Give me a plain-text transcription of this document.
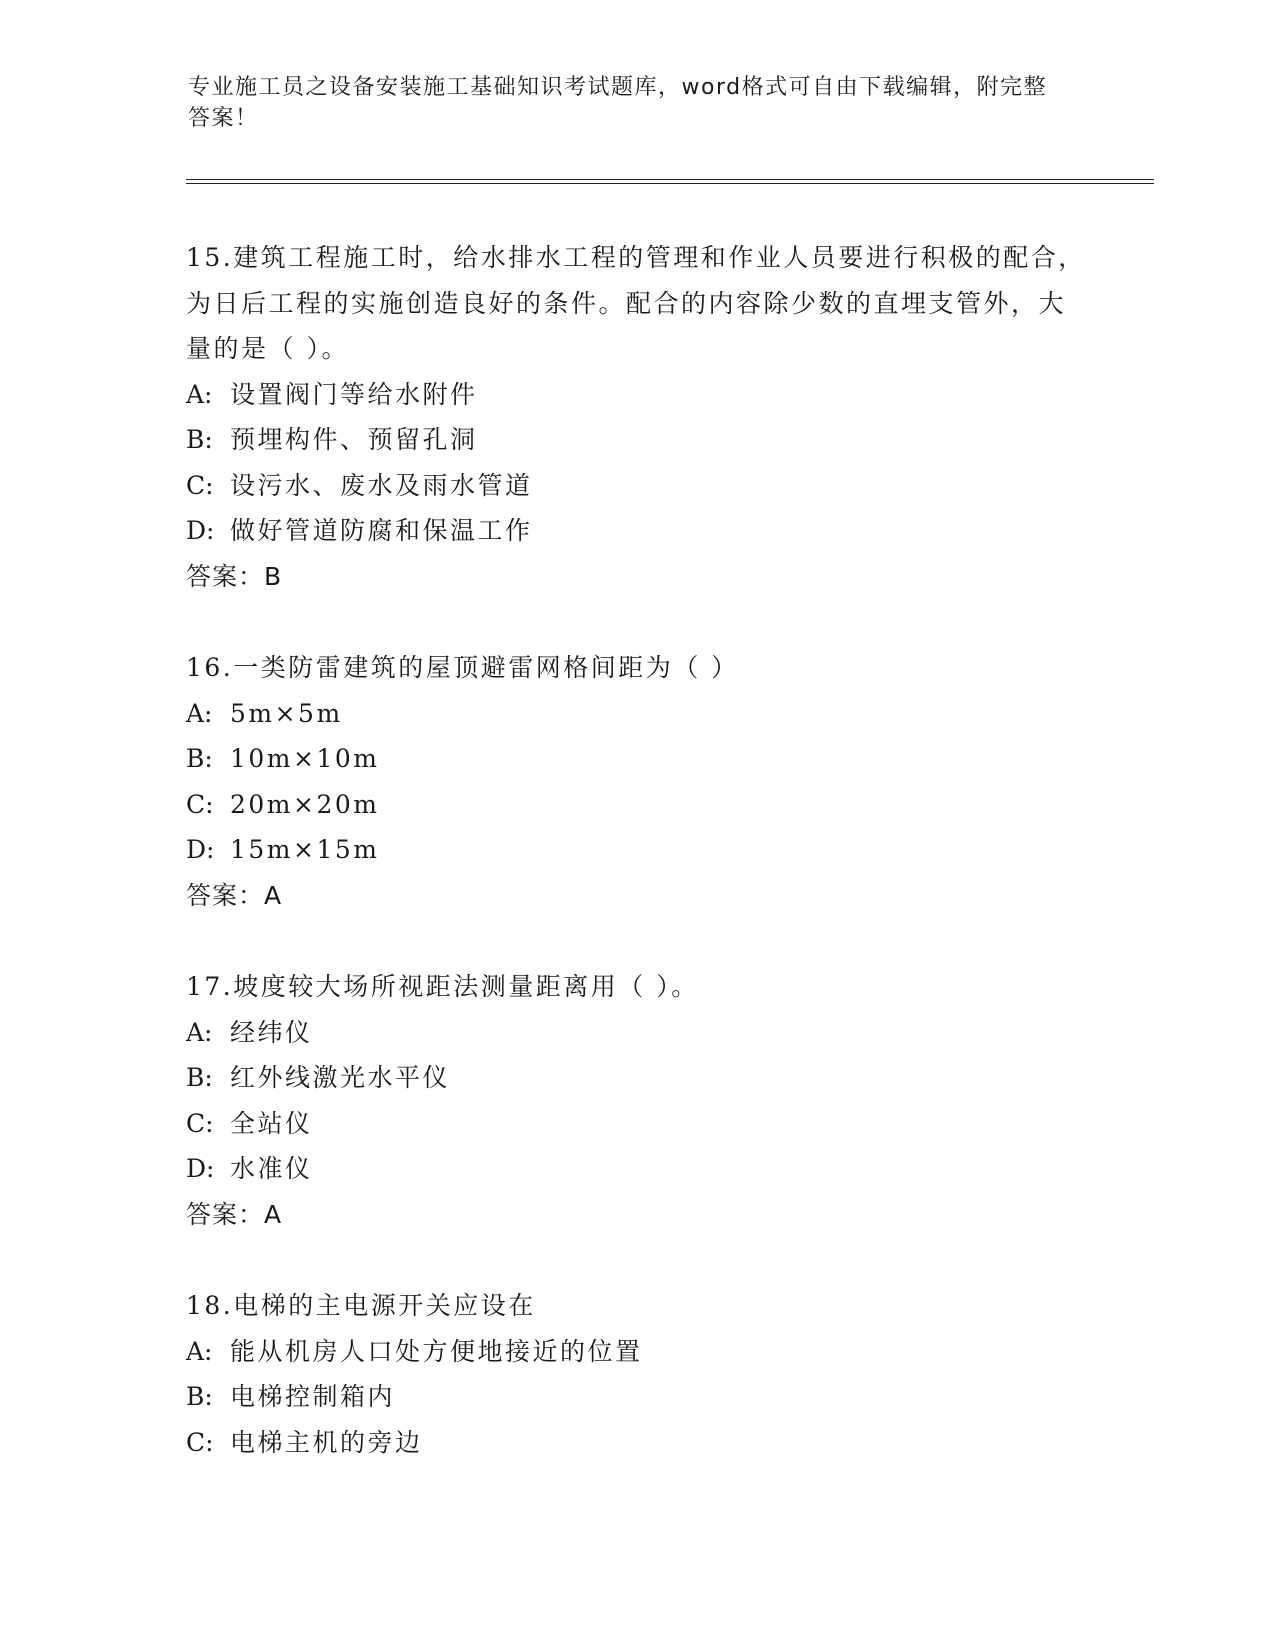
专业施工员之设备安装施工基础知识考试题库，word格式可自由下载编辑，附完整答案！
15.建筑工程施工时，给水排水工程的管理和作业人员要进行积极的配合，为日后工程的实施创造良好的条件。配合的内容除少数的直埋支管外，大量的是（ ）。
A: 设置阀门等给水附件
B: 预埋构件、预留孔洞
C: 设污水、废水及雨水管道
D: 做好管道防腐和保温工作
答案：B
16.一类防雷建筑的屋顶避雷网格间距为（ ）
A: 5m×5m
B: 10m×10m
C: 20m×20m
D: 15m×15m
答案：A
17.坡度较大场所视距法测量距离用（ ）。
A: 经纬仪
B: 红外线激光水平仪
C: 全站仪
D: 水准仪
答案：A
18.电梯的主电源开关应设在
A: 能从机房人口处方便地接近的位置
B: 电梯控制箱内
C: 电梯主机的旁边
